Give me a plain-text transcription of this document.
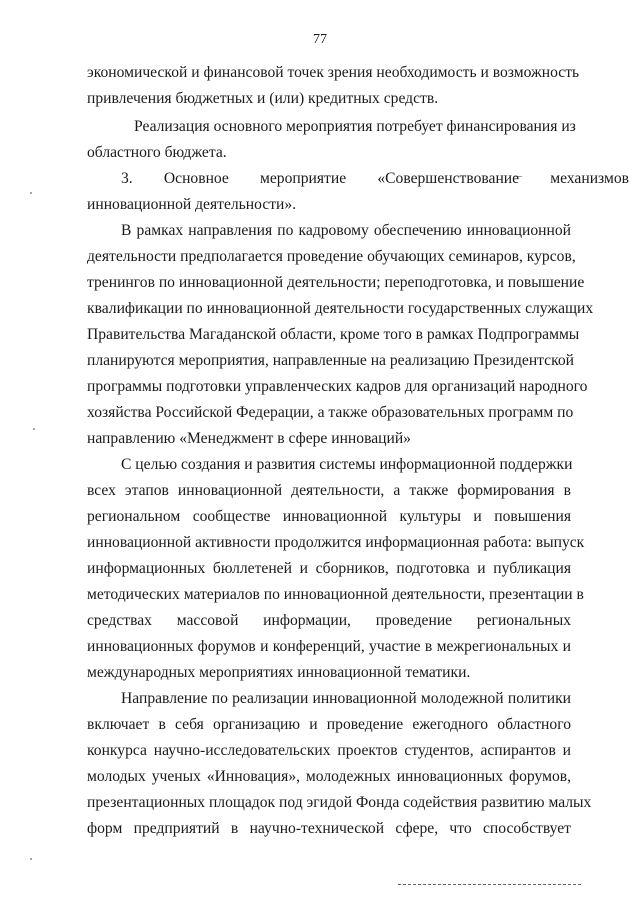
77

экономической и финансовой точек зрения необходимость и возможность
привлечения бюджетных и (или) кредитных средств.

Реализация основного мероприятия потребует финансирования из
областного бюджета.

3.        Основное        мероприятие        «Совершенствование        механизмов
инновационной деятельности».

В рамках направления по кадровому обеспечению инновационной
деятельности предполагается проведение обучающих семинаров, курсов,
тренингов по инновационной деятельности; переподготовка, и повышение
квалификации по инновационной деятельности государственных служащих
Правительства Магаданской области, кроме того в рамках Подпрограммы
планируются мероприятия, направленные на реализацию Президентской
программы подготовки управленческих кадров для организаций народного
хозяйства Российской Федерации, а также образовательных программ по
направлению «Менеджмент в сфере инноваций»

С целью создания и развития системы информационной поддержки
всех этапов инновационной деятельности, а также формирования в
региональном сообществе инновационной культуры и повышения
инновационной активности продолжится информационная работа: выпуск
информационных бюллетеней и сборников, подготовка и публикация
методических материалов по инновационной деятельности, презентации в
средствах массовой информации, проведение региональных
инновационных форумов и конференций, участие в межрегиональных и
международных мероприятиях инновационной тематики.

Направление по реализации инновационной молодежной политики
включает в себя организацию и проведение ежегодного областного
конкурса научно-исследовательских проектов студентов, аспирантов и
молодых ученых «Инновация», молодежных инновационных форумов,
презентационных площадок под эгидой Фонда содействия развитию малых
форм предприятий в научно-технической сфере, что способствует
